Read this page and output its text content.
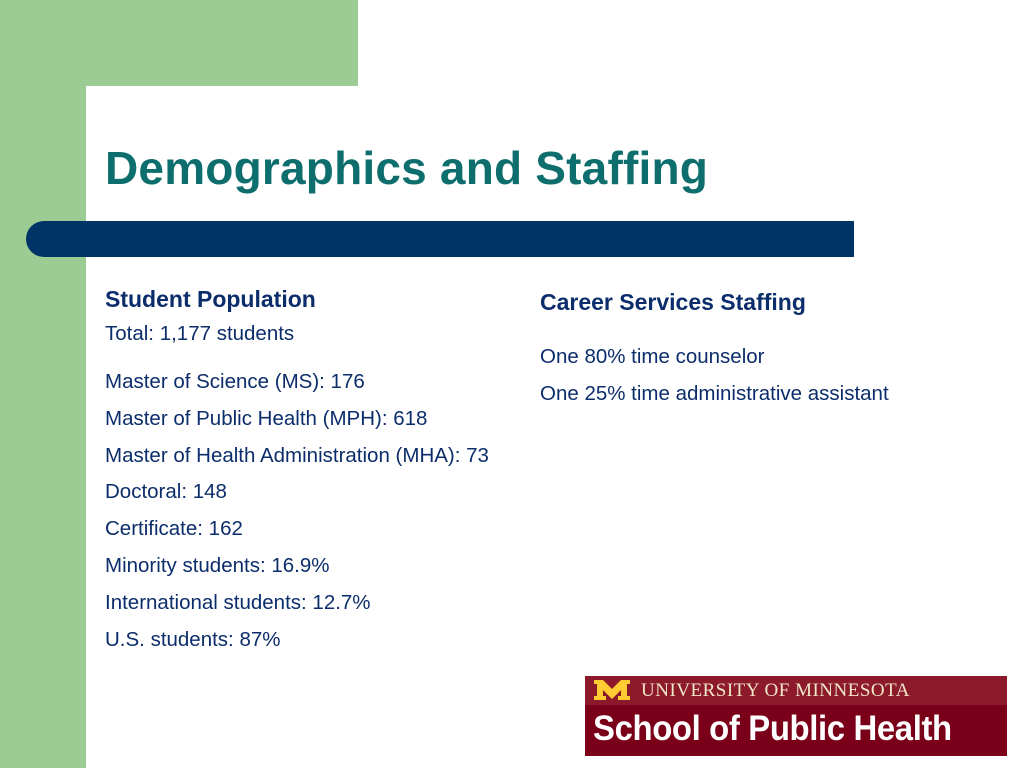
Demographics and Staffing

Student Population

Total: 1,177 students
Master of Science (MS): 176
Master of Public Health (MPH): 618
Master of Health Administration (MHA): 73
Doctoral: 148
Certificate: 162
Minority students: 16.9%
International students: 12.7%
U.S. students: 87%

Career Services Staffing

One 80% time counselor
One 25% time administrative assistant
UNIVERSITY OF MINNESOTA
School of Public Health
